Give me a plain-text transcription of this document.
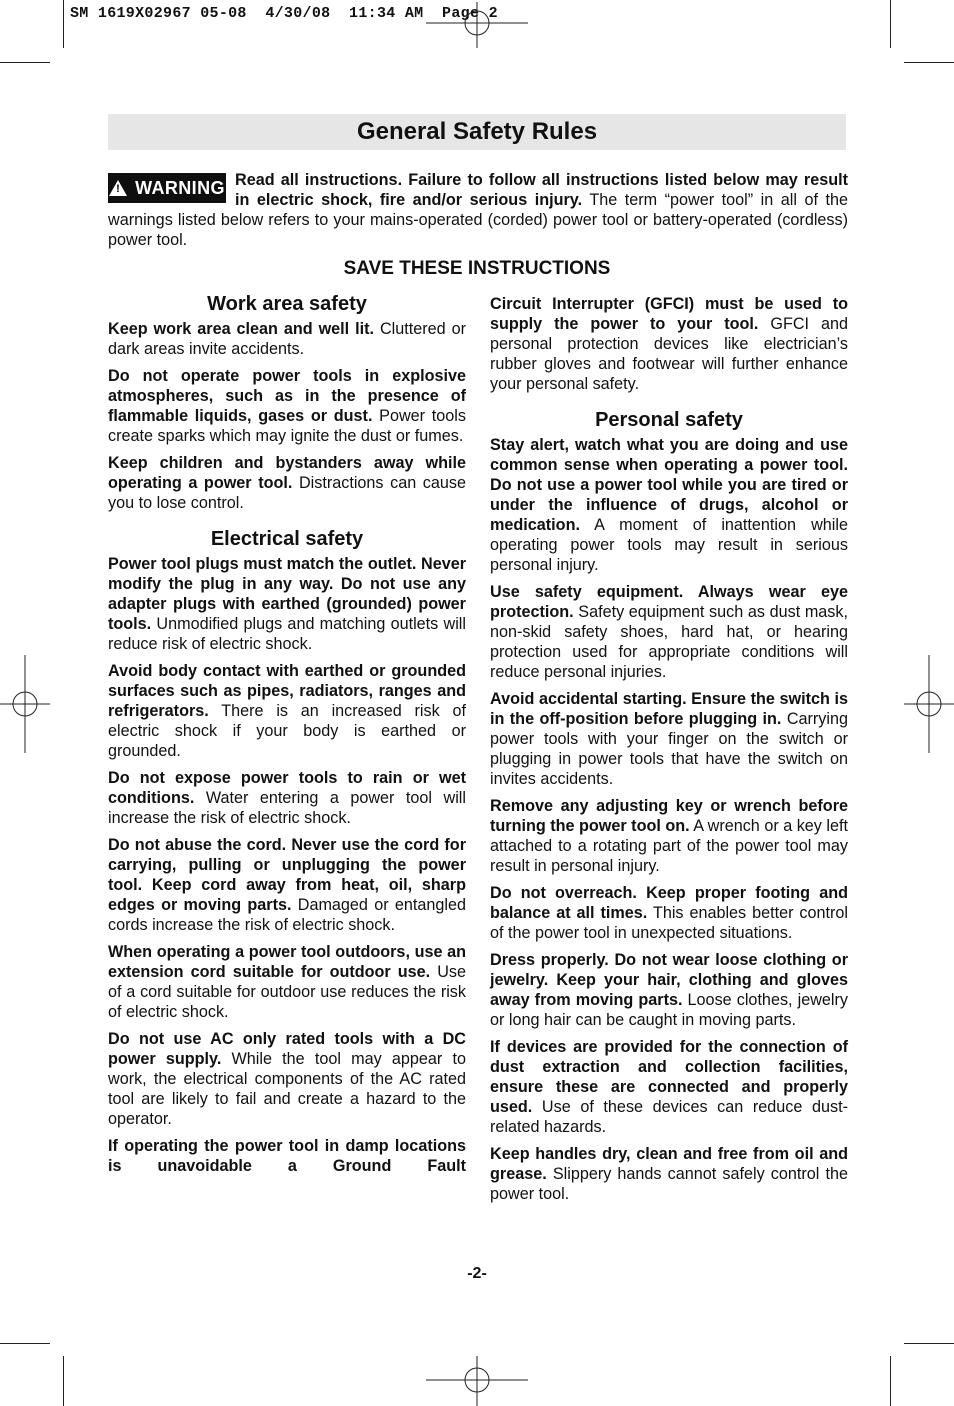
SM 1619X02967 05-08  4/30/08  11:34 AM  Page 2
General Safety Rules
! WARNING Read all instructions. Failure to follow all instructions listed below may result in electric shock, fire and/or serious injury. The term “power tool” in all of the warnings listed below refers to your mains-operated (corded) power tool or battery-operated (cordless) power tool.
SAVE THESE INSTRUCTIONS
Work area safety

Keep work area clean and well lit. Cluttered or dark areas invite accidents.

Do not operate power tools in explosive atmospheres, such as in the presence of flammable liquids, gases or dust. Power tools create sparks which may ignite the dust or fumes.

Keep children and bystanders away while operating a power tool. Distractions can cause you to lose control.

Electrical safety

Power tool plugs must match the outlet. Never modify the plug in any way. Do not use any adapter plugs with earthed (grounded) power tools. Unmodified plugs and matching outlets will reduce risk of electric shock.

Avoid body contact with earthed or grounded surfaces such as pipes, radiators, ranges and refrigerators. There is an increased risk of electric shock if your body is earthed or grounded.

Do not expose power tools to rain or wet conditions. Water entering a power tool will increase the risk of electric shock.

Do not abuse the cord. Never use the cord for carrying, pulling or unplugging the power tool. Keep cord away from heat, oil, sharp edges or moving parts. Damaged or entangled cords increase the risk of electric shock.

When operating a power tool outdoors, use an extension cord suitable for outdoor use. Use of a cord suitable for outdoor use reduces the risk of electric shock.

Do not use AC only rated tools with a DC power supply. While the tool may appear to work, the electrical components of the AC rated tool are likely to fail and create a hazard to the operator.

If operating the power tool in damp locations is unavoidable a Ground Fault

Circuit Interrupter (GFCI) must be used to supply the power to your tool. GFCI and personal protection devices like electrician’s rubber gloves and footwear will further enhance your personal safety.

Personal safety

Stay alert, watch what you are doing and use common sense when operating a power tool. Do not use a power tool while you are tired or under the influence of drugs, alcohol or medication. A moment of inattention while operating power tools may result in serious personal injury.

Use safety equipment. Always wear eye protection. Safety equipment such as dust mask, non-skid safety shoes, hard hat, or hearing protection used for appropriate conditions will reduce personal injuries.

Avoid accidental starting. Ensure the switch is in the off-position before plugging in. Carrying power tools with your finger on the switch or plugging in power tools that have the switch on invites accidents.

Remove any adjusting key or wrench before turning the power tool on. A wrench or a key left attached to a rotating part of the power tool may result in personal injury.

Do not overreach. Keep proper footing and balance at all times. This enables better control of the power tool in unexpected situations.

Dress properly. Do not wear loose clothing or jewelry. Keep your hair, clothing and gloves away from moving parts. Loose clothes, jewelry or long hair can be caught in moving parts.

If devices are provided for the connection of dust extraction and collection facilities, ensure these are connected and properly used. Use of these devices can reduce dust-related hazards.

Keep handles dry, clean and free from oil and grease. Slippery hands cannot safely control the power tool.

-2-
